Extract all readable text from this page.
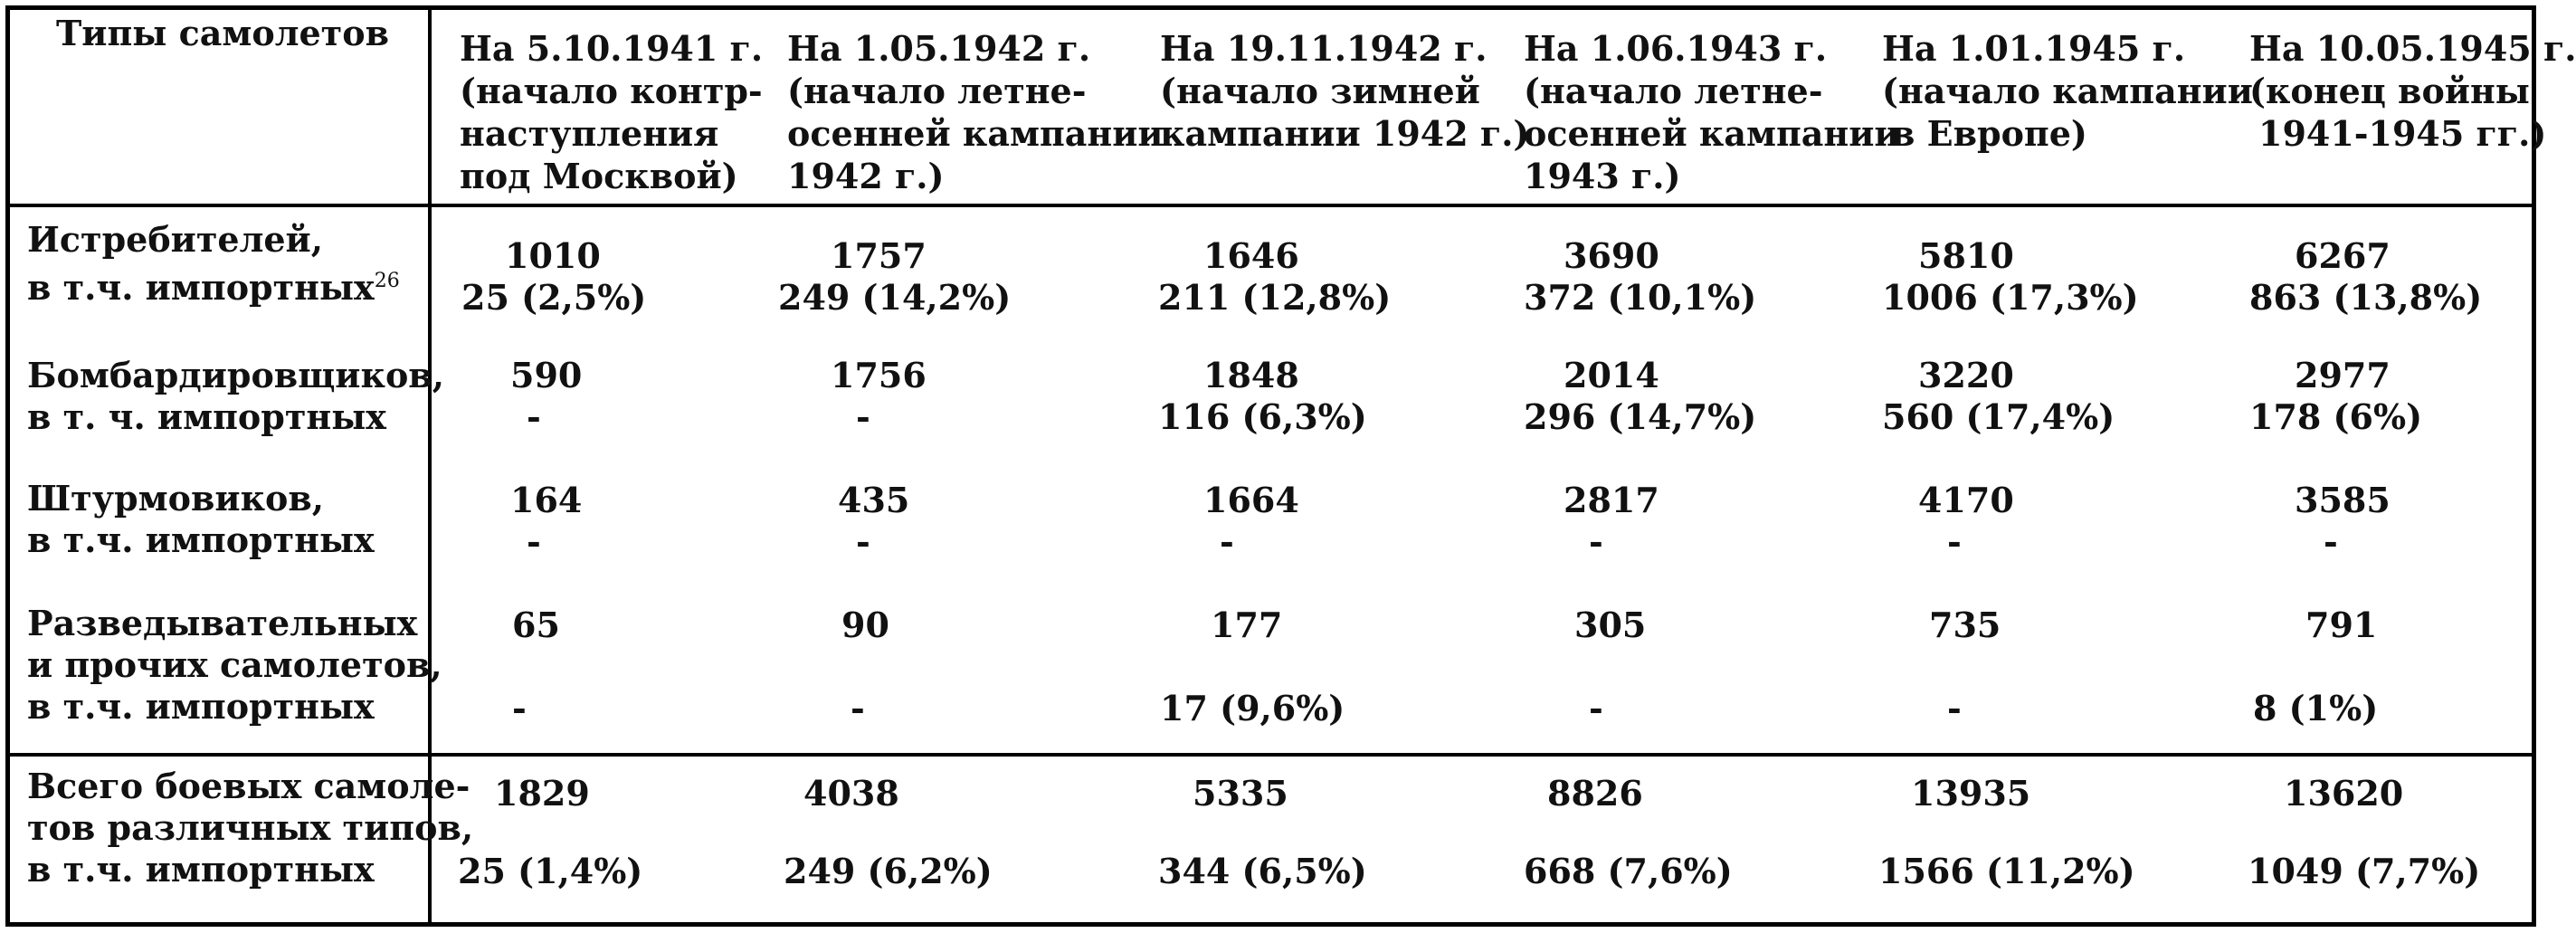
Типы самолетов На 5.10.1941 г.
(начало контр-
наступления
под Москвой)
На 1.05.1942 г.
(начало летне-
осенней кампании
1942 г.)
На 19.11.1942 г.
(начало зимней
кампании 1942 г.)
На 1.06.1943 г.
(начало летне-
осенней кампании
1943 г.)
На 1.01.1945 г.
(начало кампании
в Европе)
На 10.05.1945 г.
(конец войны
1941-1945 гг.)
Истребителей,
в т.ч. импортных$^{26}$
1010
25 (2,5%)
1757
249 (14,2%)
1646
211 (12,8%)
3690
372 (10,1%)
5810
1006 (17,3%)
6267
863 (13,8%)
Бомбардировщиков,
в т. ч. импортных
590
-
1756
-
1848
116 (6,3%)
2014
296 (14,7%)
3220
560 (17,4%)
2977
178 (6%)
Штурмовиков,
в т.ч. импортных
164
-
435
-
1664
-
2817
-
4170
-
3585
-
Разведывательных
и прочих самолетов,
в т.ч. импортных
65
-
90
-
177
17 (9,6%)
305
-
735
-
791
8 (1%)
Всего боевых самоле-
тов различных типов,
в т.ч. импортных
1829
25 (1,4%)
4038
249 (6,2%)
5335
344 (6,5%)
8826
668 (7,6%)
13935
1566 (11,2%)
13620
1049 (7,7%)
